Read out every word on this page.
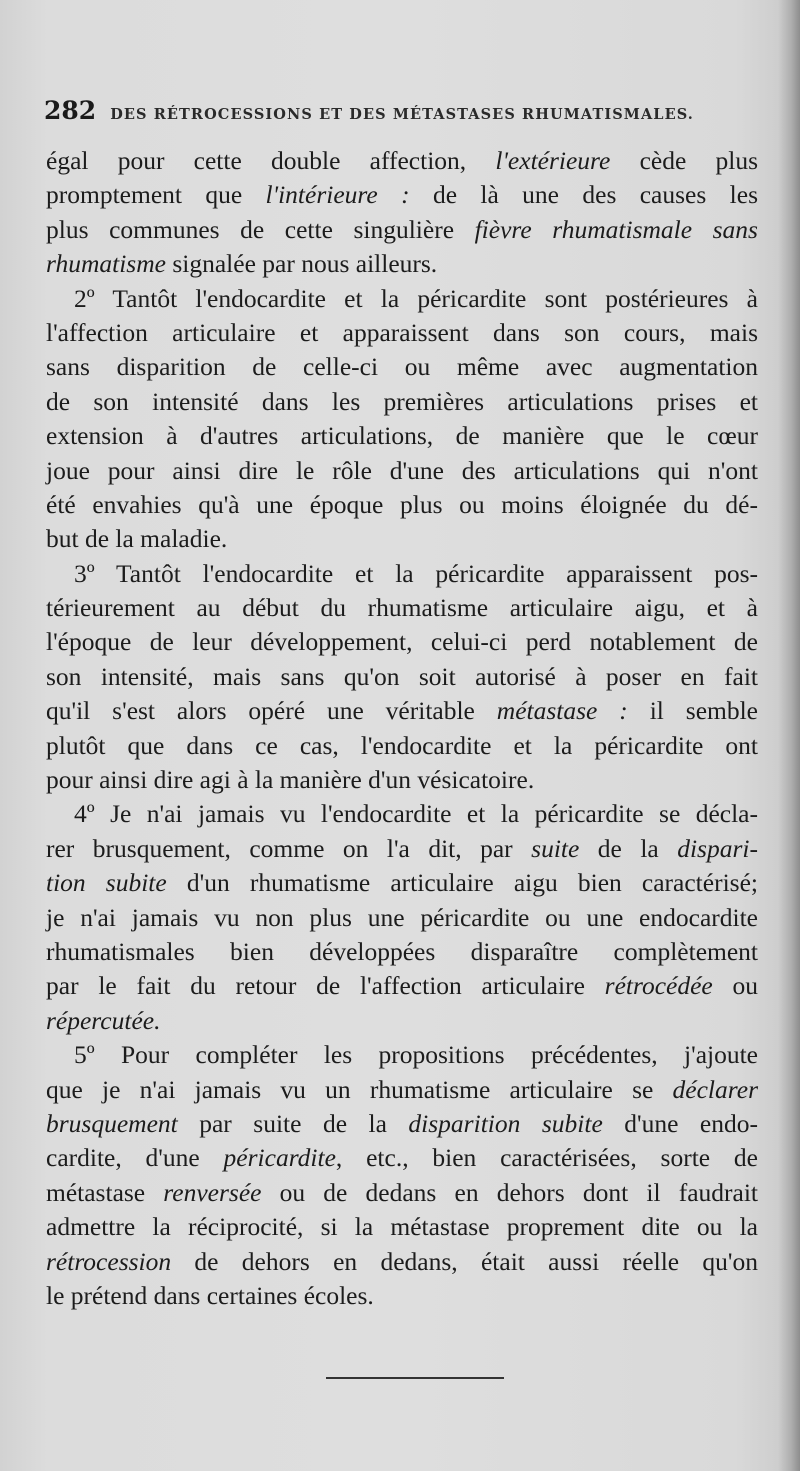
282 DES RÉTROCESSIONS ET DES MÉTASTASES RHUMATISMALES.
égal pour cette double affection, l'extérieure cède plus
promptement que l'intérieure : de là une des causes les
plus communes de cette singulière fièvre rhumatismale sans
rhumatisme signalée par nous ailleurs.
2º Tantôt l'endocardite et la péricardite sont postérieures à
l'affection articulaire et apparaissent dans son cours, mais
sans disparition de celle-ci ou même avec augmentation
de son intensité dans les premières articulations prises et
extension à d'autres articulations, de manière que le cœur
joue pour ainsi dire le rôle d'une des articulations qui n'ont
été envahies qu'à une époque plus ou moins éloignée du dé-
but de la maladie.
3º Tantôt l'endocardite et la péricardite apparaissent pos-
térieurement au début du rhumatisme articulaire aigu, et à
l'époque de leur développement, celui-ci perd notablement de
son intensité, mais sans qu'on soit autorisé à poser en fait
qu'il s'est alors opéré une véritable métastase : il semble
plutôt que dans ce cas, l'endocardite et la péricardite ont
pour ainsi dire agi à la manière d'un vésicatoire.
4º Je n'ai jamais vu l'endocardite et la péricardite se décla-
rer brusquement, comme on l'a dit, par suite de la dispari-
tion subite d'un rhumatisme articulaire aigu bien caractérisé;
je n'ai jamais vu non plus une péricardite ou une endocardite
rhumatismales bien développées disparaître complètement
par le fait du retour de l'affection articulaire rétrocédée ou
répercutée.
5º Pour compléter les propositions précédentes, j'ajoute
que je n'ai jamais vu un rhumatisme articulaire se déclarer
brusquement par suite de la disparition subite d'une endo-
cardite, d'une péricardite, etc., bien caractérisées, sorte de
métastase renversée ou de dedans en dehors dont il faudrait
admettre la réciprocité, si la métastase proprement dite ou la
rétrocession de dehors en dedans, était aussi réelle qu'on
le prétend dans certaines écoles.
